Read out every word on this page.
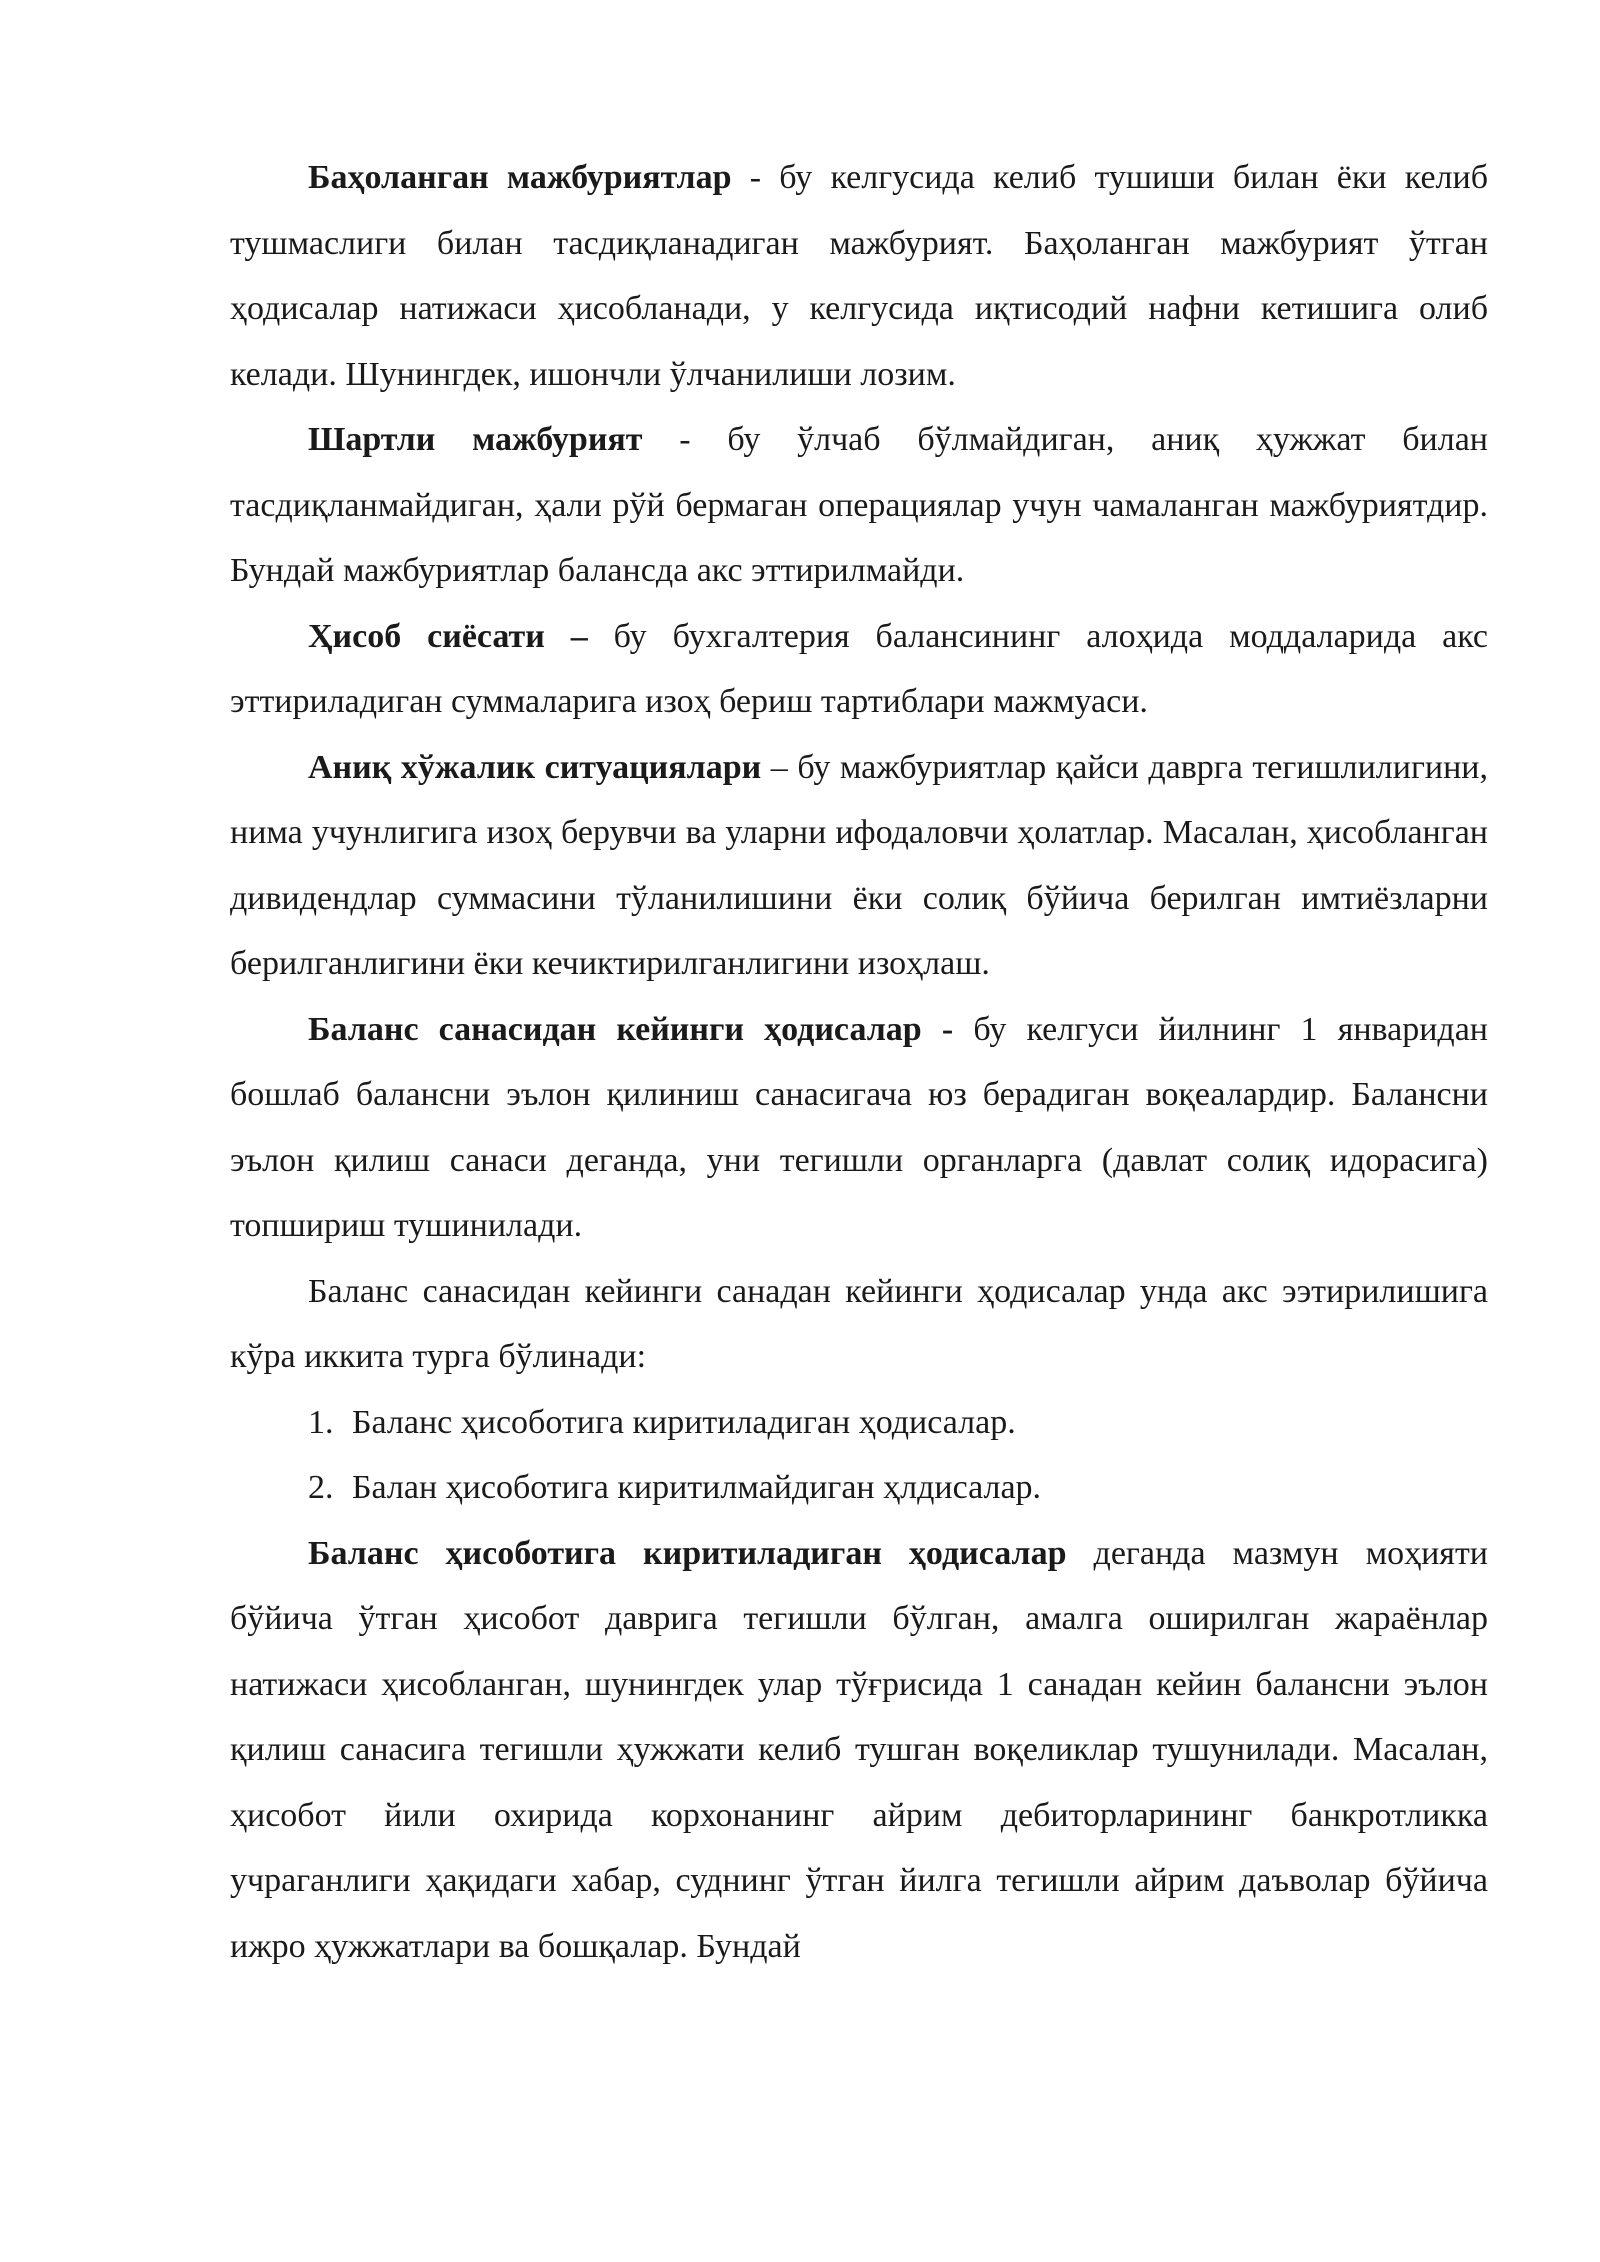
Баҳоланган мажбуриятлар - бу келгусида келиб тушиши билан ёки келиб тушмаслиги билан тасдиқланадиган мажбурият. Баҳоланган мажбурият ўтган ҳодисалар натижаси ҳисобланади, у келгусида иқтисодий нафни кетишига олиб келади. Шунингдек, ишончли ўлчанилиши лозим.

Шартли мажбурият - бу ўлчаб бўлмайдиган, аниқ ҳужжат билан тасдиқланмайдиган, ҳали рўй бермаган операциялар учун чамаланган мажбуриятдир. Бундай мажбуриятлар балансда акс эттирилмайди.

Ҳисоб сиёсати – бу бухгалтерия балансининг алоҳида моддаларида акс эттириладиган суммаларига изоҳ бериш тартиблари мажмуаси.

Аниқ хўжалик ситуациялари – бу мажбуриятлар қайси даврга тегишлилигини, нима учунлигига изоҳ берувчи ва уларни ифодаловчи ҳолатлар. Масалан, ҳисобланган дивидендлар суммасини тўланилишини ёки солиқ бўйича берилган имтиёзларни берилганлигини ёки кечиктирилганлигини изоҳлаш.

Баланс санасидан кейинги ҳодисалар - бу келгуси йилнинг 1 январидан бошлаб балансни эълон қилиниш санасигача юз берадиган воқеалардир. Балансни эълон қилиш санаси деганда, уни тегишли органларга (давлат солиқ идорасига) топшириш тушинилади.

Баланс санасидан кейинги санадан кейинги ҳодисалар унда акс ээтирилишига кўра иккита турга бўлинади:

1. Баланс ҳисоботига киритиладиган ҳодисалар.
2. Балан ҳисоботига киритилмайдиган ҳлдисалар.

Баланс ҳисоботига киритиладиган ҳодисалар деганда мазмун моҳияти бўйича ўтган ҳисобот даврига тегишли бўлган, амалга оширилган жараёнлар натижаси ҳисобланган, шунингдек улар тўғрисида 1 санадан кейин балансни эълон қилиш санасига тегишли ҳужжати келиб тушган воқеликлар тушунилади. Масалан, ҳисобот йили охирида корхонанинг айрим дебиторларининг банкротликка учраганлиги ҳақидаги хабар, суднинг ўтган йилга тегишли айрим даъволар бўйича ижро ҳужжатлари ва бошқалар. Бундай
